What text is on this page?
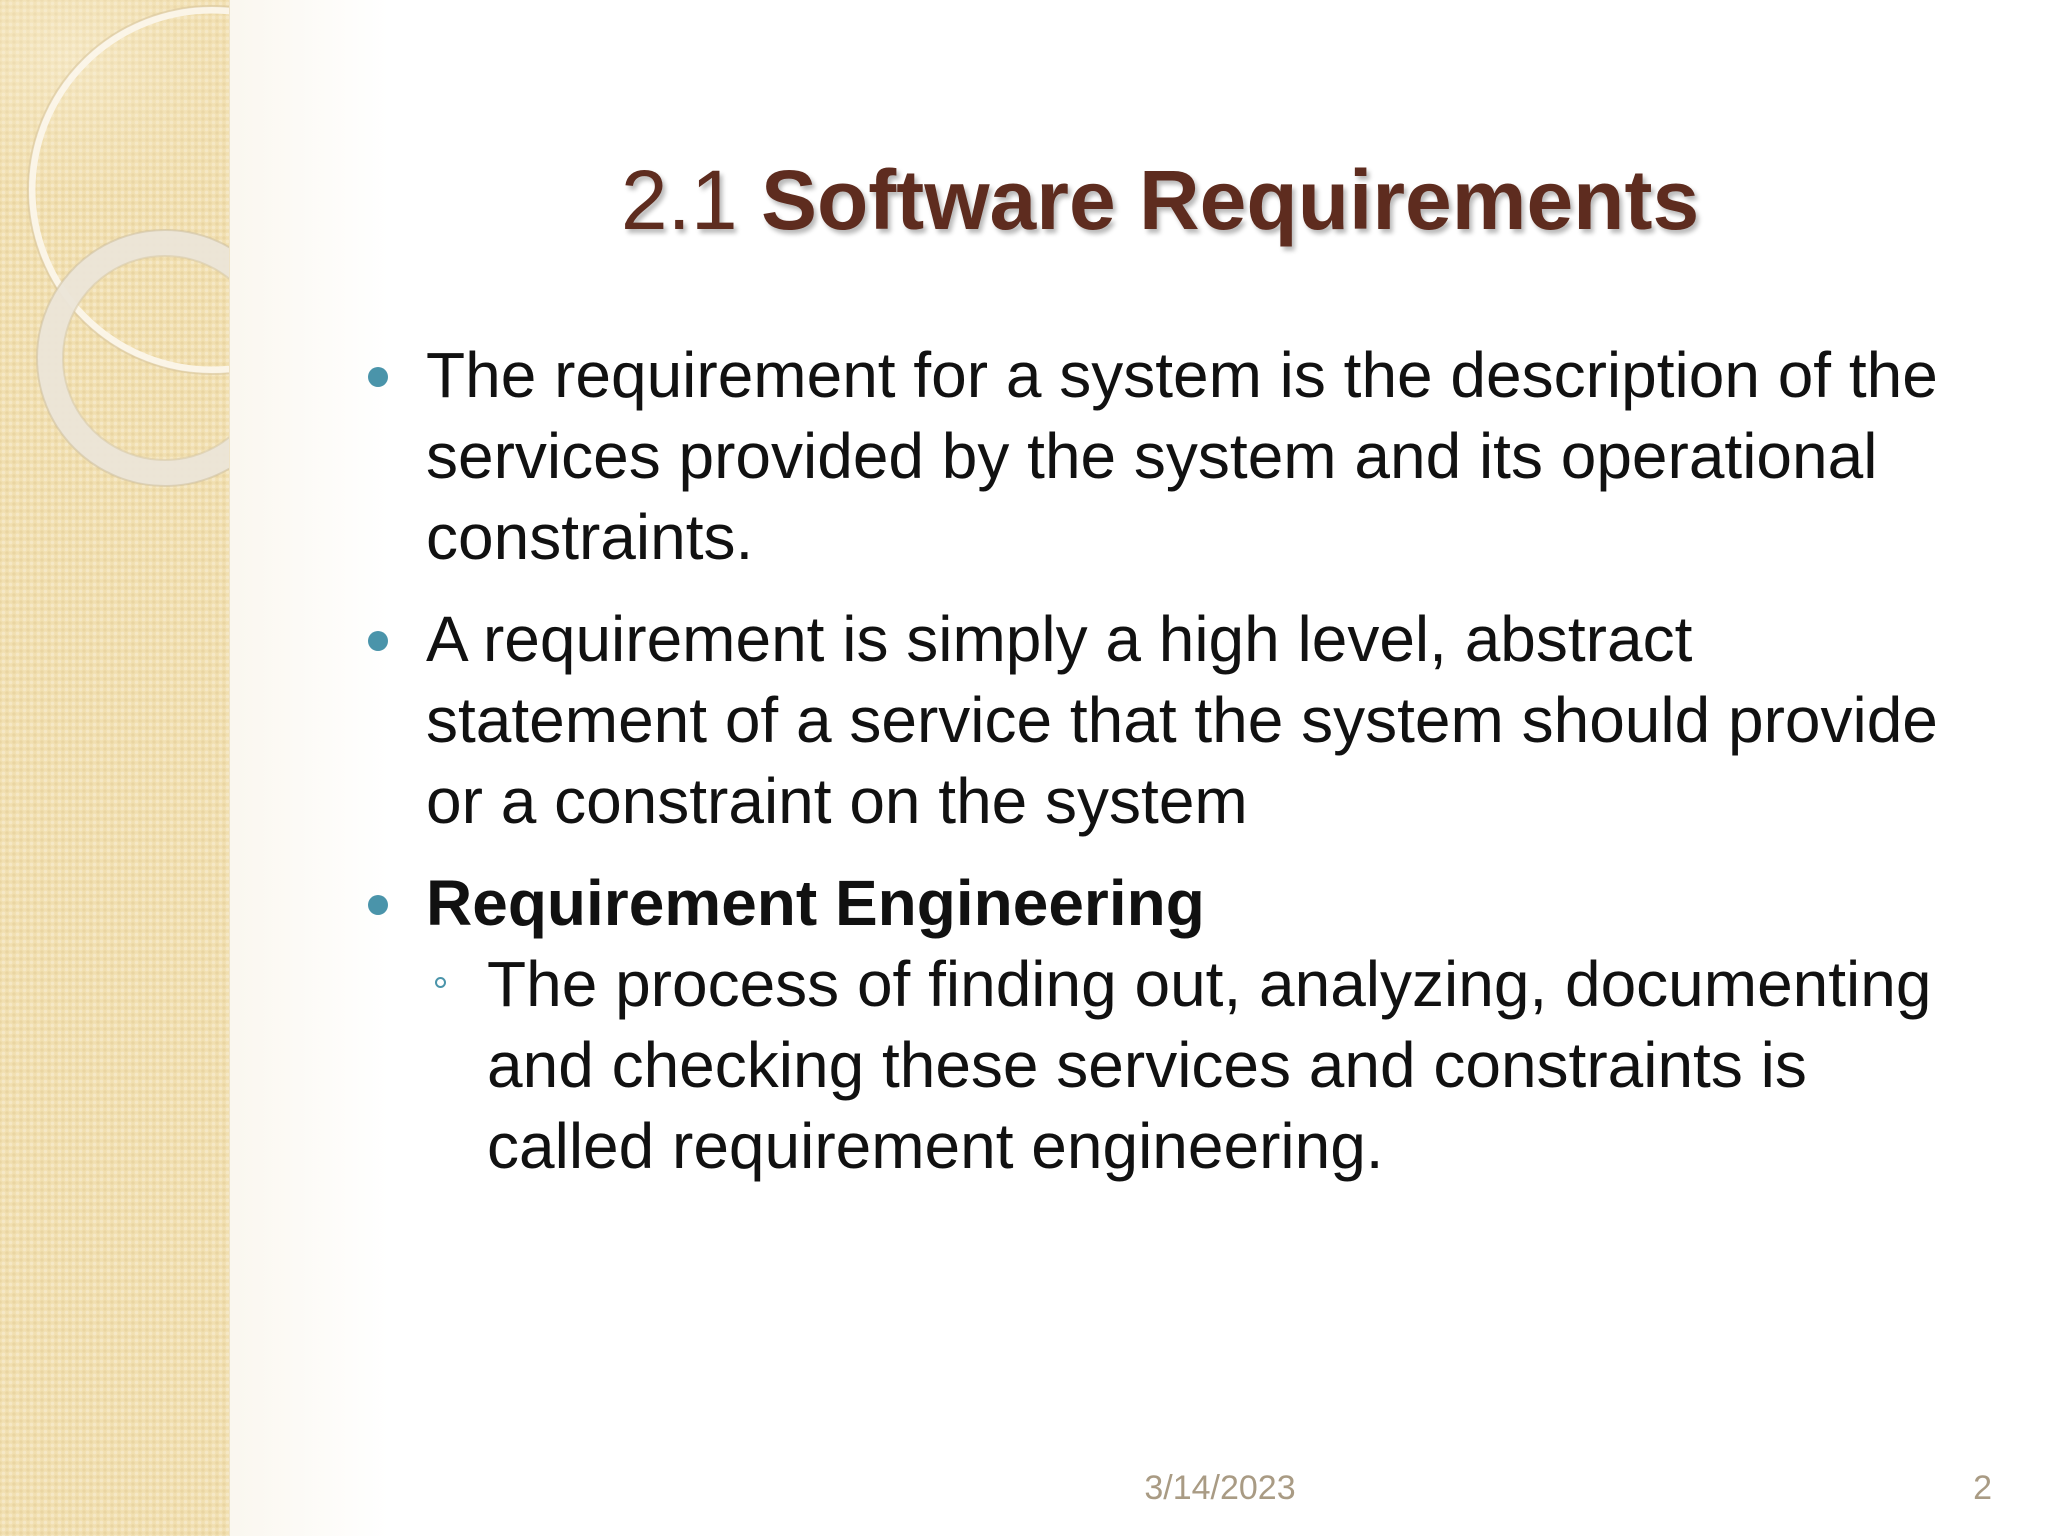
2.1 Software Requirements
The requirement for a system is the description of the services provided by the system and its operational constraints.
A requirement is simply a high level, abstract statement of a service that the system should provide or a constraint on the system
Requirement Engineering
The process of finding out, analyzing, documenting and checking these services and constraints is called requirement engineering.
3/14/2023	2
